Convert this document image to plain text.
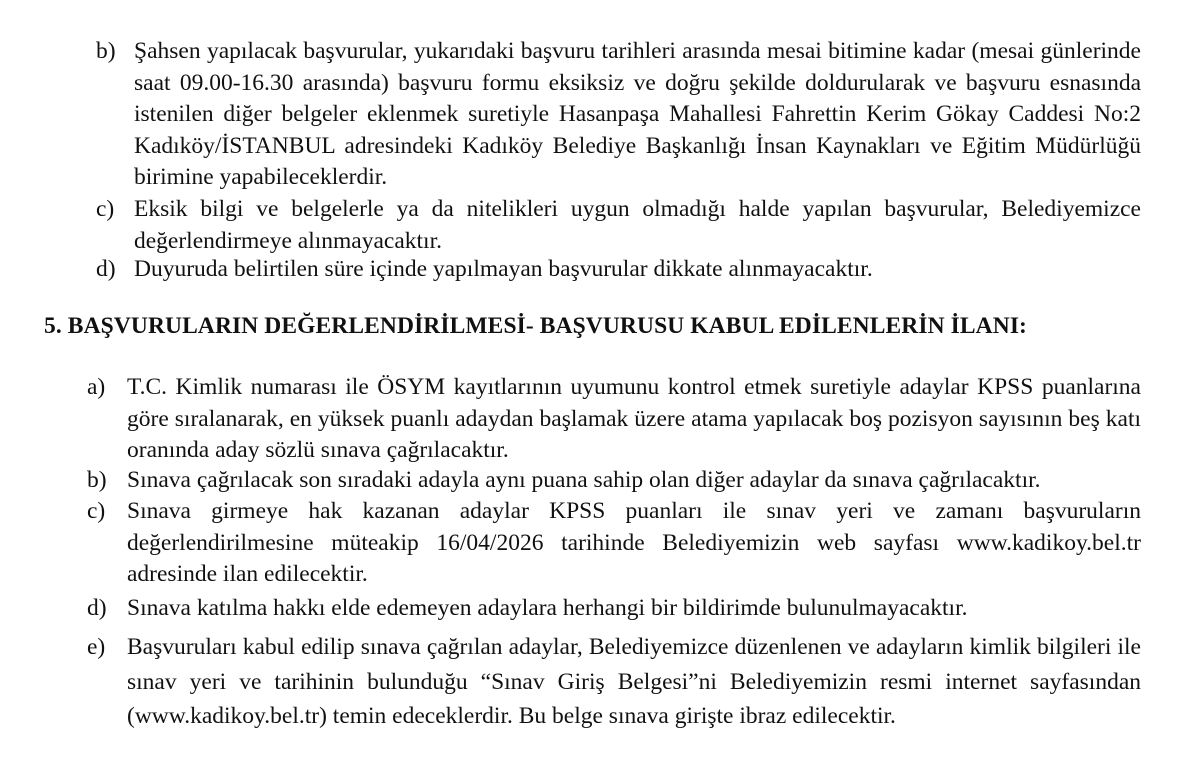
b) Şahsen yapılacak başvurular, yukarıdaki başvuru tarihleri arasında mesai bitimine kadar (mesai günlerinde saat 09.00-16.30 arasında) başvuru formu eksiksiz ve doğru şekilde doldurularak ve başvuru esnasında istenilen diğer belgeler eklenmek suretiyle Hasanpaşa Mahallesi Fahrettin Kerim Gökay Caddesi No:2 Kadıköy/İSTANBUL adresindeki Kadıköy Belediye Başkanlığı İnsan Kaynakları ve Eğitim Müdürlüğü birimine yapabileceklerdir.
c) Eksik bilgi ve belgelerle ya da nitelikleri uygun olmadığı halde yapılan başvurular, Belediyemizce değerlendirmeye alınmayacaktır.
d) Duyuruda belirtilen süre içinde yapılmayan başvurular dikkate alınmayacaktır.
5. BAŞVURULARIN DEĞERLENDİRİLMESİ- BAŞVURUSU KABUL EDİLENLERİN İLANI:
a) T.C. Kimlik numarası ile ÖSYM kayıtlarının uyumunu kontrol etmek suretiyle adaylar KPSS puanlarına göre sıralanarak, en yüksek puanlı adaydan başlamak üzere atama yapılacak boş pozisyon sayısının beş katı oranında aday sözlü sınava çağrılacaktır.
b) Sınava çağrılacak son sıradaki adayla aynı puana sahip olan diğer adaylar da sınava çağrılacaktır.
c) Sınava girmeye hak kazanan adaylar KPSS puanları ile sınav yeri ve zamanı başvuruların değerlendirilmesine müteakip 16/04/2026 tarihinde Belediyemizin web sayfası www.kadikoy.bel.tr adresinde ilan edilecektir.
d) Sınava katılma hakkı elde edemeyen adaylara herhangi bir bildirimde bulunulmayacaktır.
e) Başvuruları kabul edilip sınava çağrılan adaylar, Belediyemizce düzenlenen ve adayların kimlik bilgileri ile sınav yeri ve tarihinin bulunduğu “Sınav Giriş Belgesi”ni Belediyemizin resmi internet sayfasından (www.kadikoy.bel.tr) temin edeceklerdir. Bu belge sınava girişte ibraz edilecektir.
